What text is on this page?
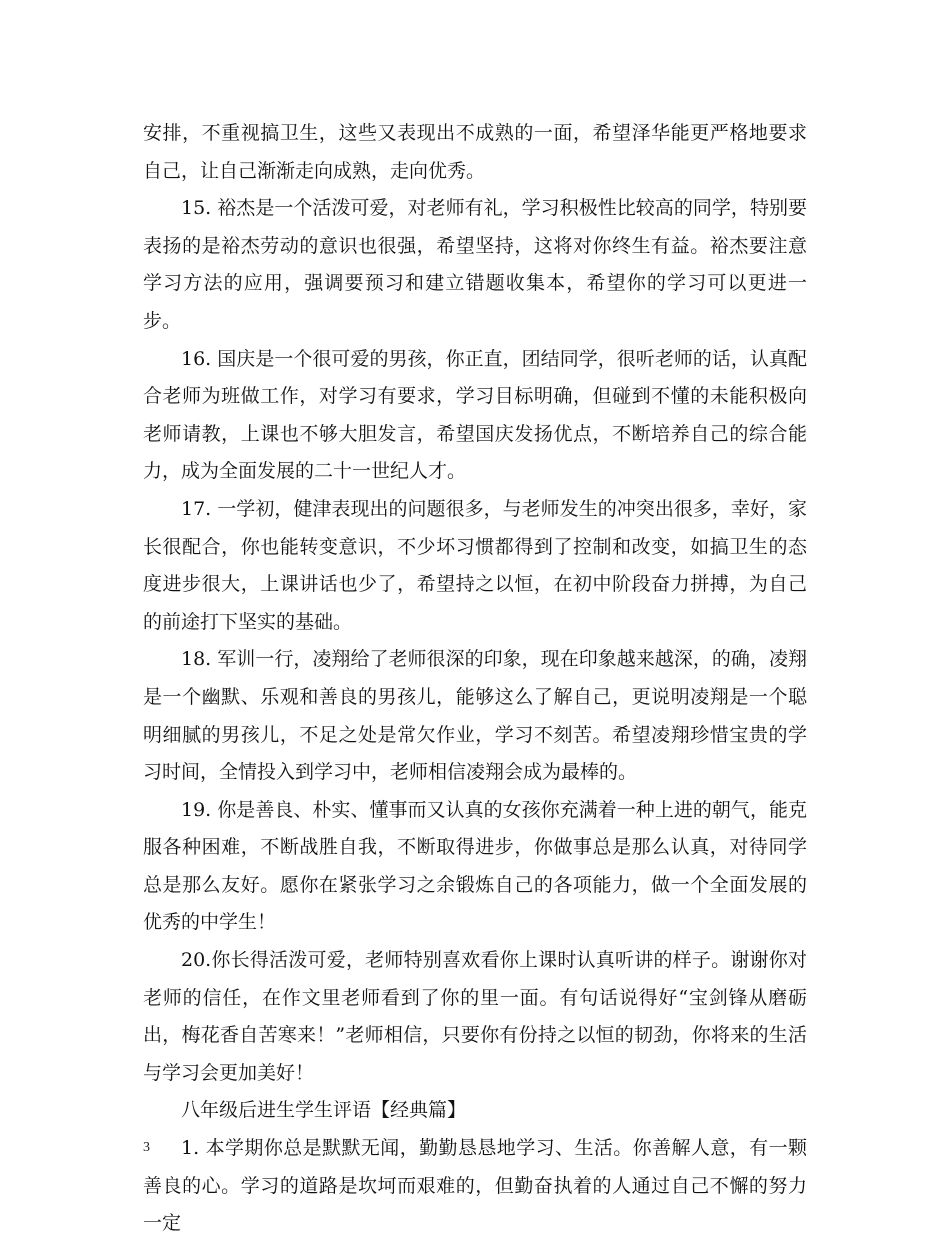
安排，不重视搞卫生，这些又表现出不成熟的一面，希望泽华能更严格地要求自己，让自己渐渐走向成熟，走向优秀。

15. 裕杰是一个活泼可爱，对老师有礼，学习积极性比较高的同学，特别要表扬的是裕杰劳动的意识也很强，希望坚持，这将对你终生有益。裕杰要注意学习方法的应用，强调要预习和建立错题收集本，希望你的学习可以更进一步。

16. 国庆是一个很可爱的男孩，你正直，团结同学，很听老师的话，认真配合老师为班做工作，对学习有要求，学习目标明确，但碰到不懂的未能积极向老师请教，上课也不够大胆发言，希望国庆发扬优点，不断培养自己的综合能力，成为全面发展的二十一世纪人才。

17. 一学初，健津表现出的问题很多，与老师发生的冲突出很多，幸好，家长很配合，你也能转变意识，不少坏习惯都得到了控制和改变，如搞卫生的态度进步很大，上课讲话也少了，希望持之以恒，在初中阶段奋力拼搏，为自己的前途打下坚实的基础。

18. 军训一行，凌翔给了老师很深的印象，现在印象越来越深，的确，凌翔是一个幽默、乐观和善良的男孩儿，能够这么了解自己，更说明凌翔是一个聪明细腻的男孩儿，不足之处是常欠作业，学习不刻苦。希望凌翔珍惜宝贵的学习时间，全情投入到学习中，老师相信凌翔会成为最棒的。

19. 你是善良、朴实、懂事而又认真的女孩你充满着一种上进的朝气，能克服各种困难，不断战胜自我，不断取得进步，你做事总是那么认真，对待同学总是那么友好。愿你在紧张学习之余锻炼自己的各项能力，做一个全面发展的优秀的中学生！

20.你长得活泼可爱，老师特别喜欢看你上课时认真听讲的样子。谢谢你对老师的信任，在作文里老师看到了你的里一面。有句话说得好“宝剑锋从磨砺出，梅花香自苦寒来！”老师相信，只要你有份持之以恒的韧劲，你将来的生活与学习会更加美好！

八年级后进生学生评语【经典篇】

1. 本学期你总是默默无闻，勤勤恳恳地学习、生活。你善解人意，有一颗善良的心。学习的道路是坎坷而艰难的，但勤奋执着的人通过自己不懈的努力一定

3
